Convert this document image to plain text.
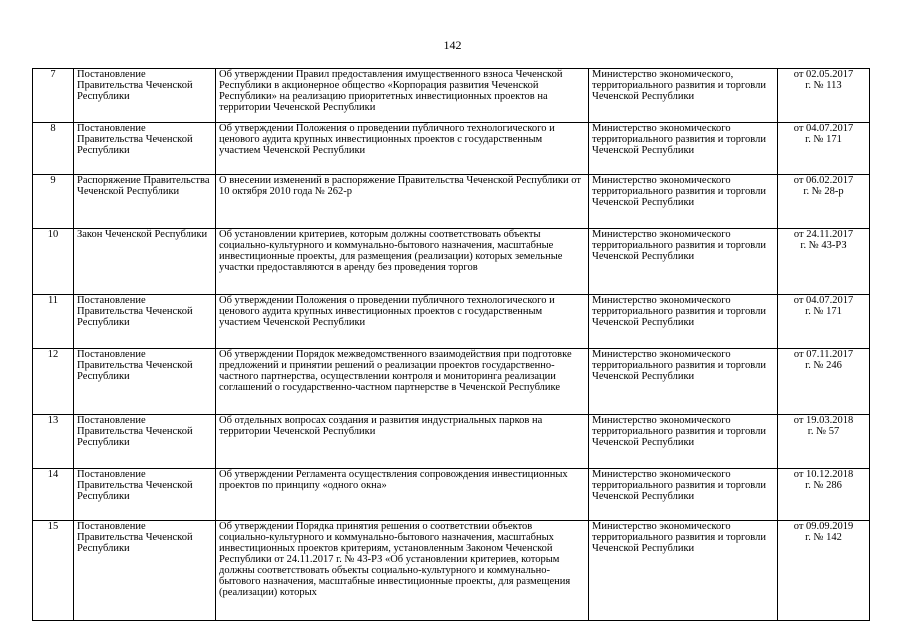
142
7	Постановление Правительства Чеченской Республики	Об утверждении Правил предоставления имущественного взноса Чеченской Республики в акционерное общество «Корпорация развития Чеченской Республики» на реализацию приоритетных инвестиционных проектов на территории Чеченской Республики	Министерство экономического, территориального развития и торговли Чеченской Республики	от 02.05.2017
г. № 113

8	Постановление Правительства Чеченской Республики	Об утверждении Положения о проведении публичного технологического и ценового аудита крупных инвестиционных проектов с государственным участием Чеченской Республики	Министерство экономического территориального развития и торговли Чеченской Республики	от 04.07.2017
г. № 171

9	Распоряжение Правительства Чеченской Республики	О внесении изменений в распоряжение Правительства Чеченской Республики от 10 октября 2010 года № 262-р	Министерство экономического территориального развития и торговли Чеченской Республики	от 06.02.2017
г. № 28-р

10	Закон Чеченской Республики	Об установлении критериев, которым должны соответствовать объекты социально-культурного и коммунально-бытового назначения, масштабные инвестиционные проекты, для размещения (реализации) которых земельные участки предоставляются в аренду без проведения торгов	Министерство экономического территориального развития и торговли Чеченской Республики	от 24.11.2017
г. № 43-РЗ

11	Постановление Правительства Чеченской Республики	Об утверждении Положения о проведении публичного технологического и ценового аудита крупных инвестиционных проектов с государственным участием Чеченской Республики	Министерство экономического территориального развития и торговли Чеченской Республики	от 04.07.2017
г. № 171

12	Постановление Правительства Чеченской Республики	Об утверждении Порядок межведомственного взаимодействия при подготовке предложений и принятии решений о реализации проектов государственно-частного партнерства, осуществлении контроля и мониторинга реализации соглашений о государственно-частном партнерстве в Чеченской Республике	Министерство экономического территориального развития и торговли Чеченской Республики	от 07.11.2017
г. № 246

13	Постановление Правительства Чеченской Республики	Об отдельных вопросах создания и развития индустриальных парков на территории Чеченской Республики	Министерство экономического территориального развития и торговли Чеченской Республики	от 19.03.2018
г. № 57

14	Постановление Правительства Чеченской Республики	Об утверждении Регламента осуществления сопровождения инвестиционных проектов по принципу «одного окна»	Министерство экономического территориального развития и торговли Чеченской Республики	от 10.12.2018
г. № 286

15	Постановление Правительства Чеченской Республики	Об утверждении Порядка принятия решения о соответствии объектов социально-культурного и коммунально-бытового назначения, масштабных инвестиционных проектов критериям, установленным Законом Чеченской Республики от 24.11.2017 г. № 43-РЗ «Об установлении критериев, которым должны соответствовать объекты социально-культурного и коммунально-бытового назначения, масштабные инвестиционные проекты, для размещения (реализации) которых	Министерство экономического территориального развития и торговли Чеченской Республики	от 09.09.2019
г. № 142
